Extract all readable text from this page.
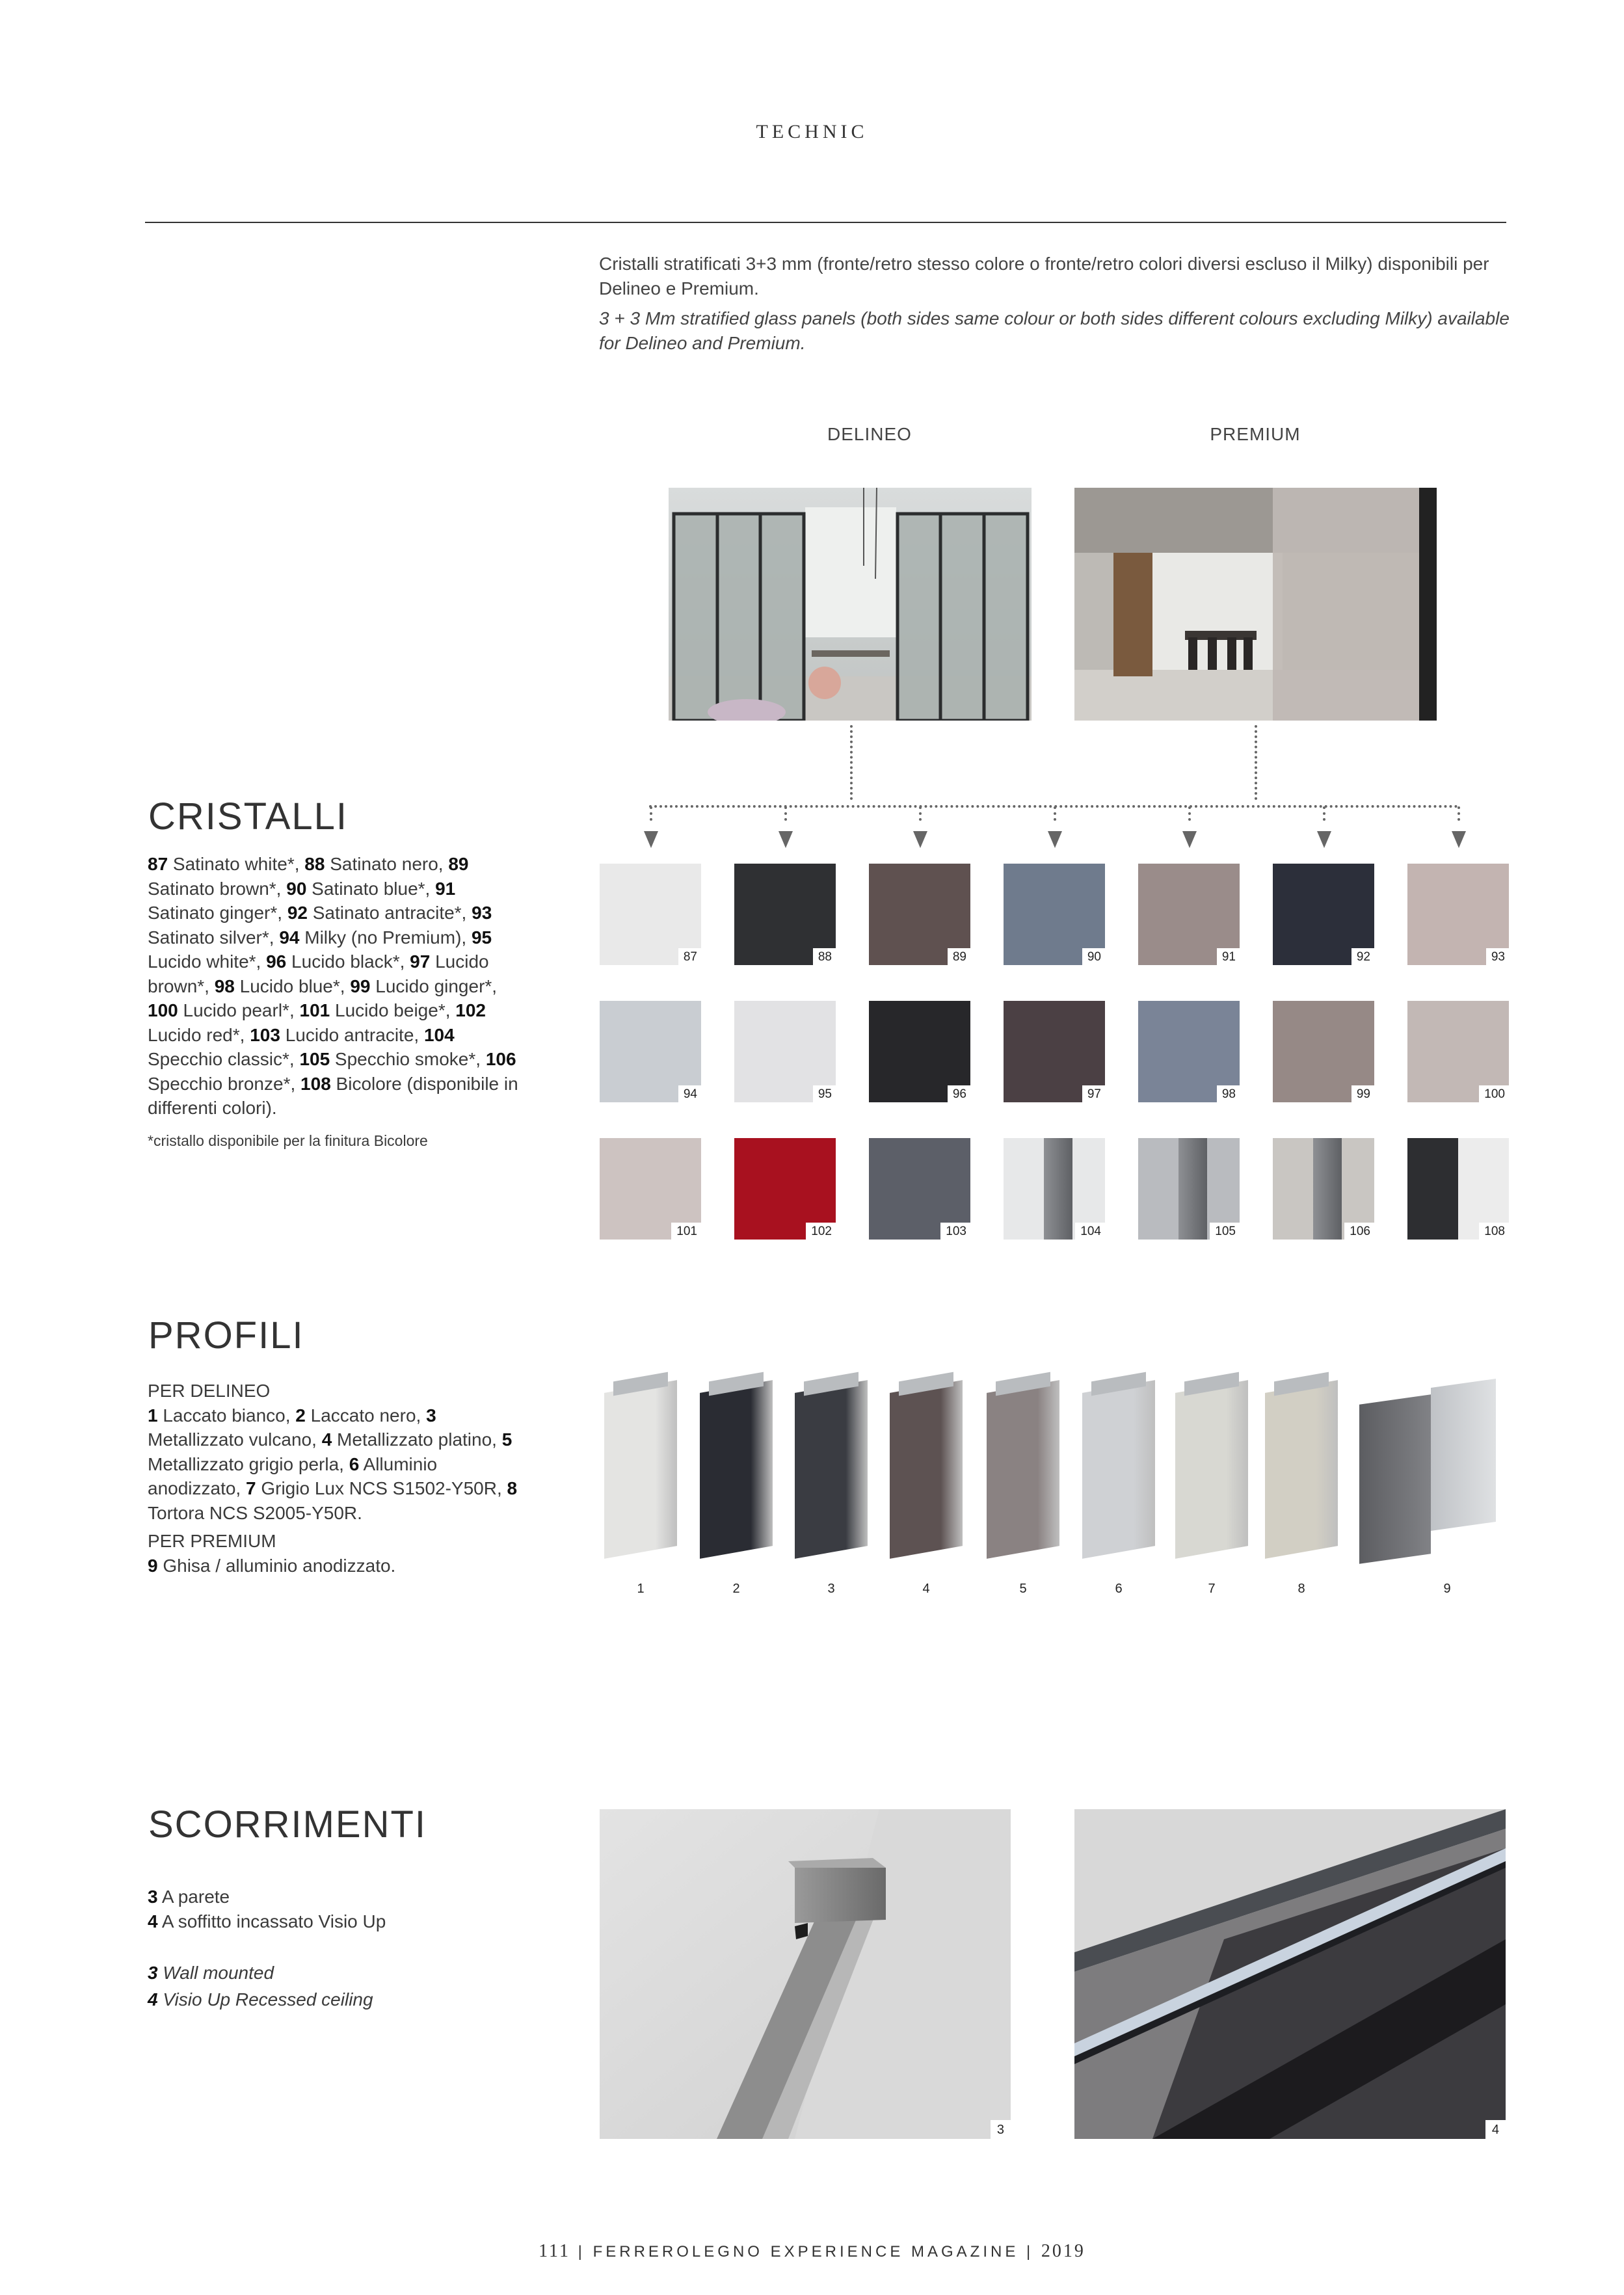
TECHNIC
Cristalli stratificati 3+3 mm (fronte/retro stesso colore o fronte/retro colori diversi escluso il Milky) disponibili per Delineo e Premium.
3 + 3 Mm stratified glass panels (both sides same colour or both sides different colours excluding Milky) available for Delineo and Premium.
DELINEO	PREMIUM
CRISTALLI
87 Satinato white*, 88 Satinato nero, 89 Satinato brown*, 90 Satinato blue*, 91 Satinato ginger*, 92 Satinato antracite*, 93 Satinato silver*, 94 Milky (no Premium), 95 Lucido white*, 96 Lucido black*, 97 Lucido brown*, 98 Lucido blue*, 99 Lucido ginger*, 100 Lucido pearl*, 101 Lucido beige*, 102 Lucido red*, 103 Lucido antracite, 104 Specchio classic*, 105 Specchio smoke*, 106 Specchio bronze*, 108 Bicolore (disponibile in differenti colori).
*cristallo disponibile per la finitura Bicolore
87	88	89	90	91	92	93
94	95	96	97	98	99	100
101	102	103	104	105	106	108
PROFILI
PER DELINEO
1 Laccato bianco, 2 Laccato nero, 3 Metallizzato vulcano, 4 Metallizzato platino, 5 Metallizzato grigio perla, 6 Alluminio anodizzato, 7 Grigio Lux NCS S1502-Y50R, 8 Tortora NCS S2005-Y50R.
PER PREMIUM
9 Ghisa / alluminio anodizzato.
1	2	3	4	5	6	7	8	9
SCORRIMENTI
3 A parete
4 A soffitto incassato Visio Up
3 Wall mounted
4 Visio Up Recessed ceiling
3	4
111 | FERREROLEGNO EXPERIENCE MAGAZINE | 2019
